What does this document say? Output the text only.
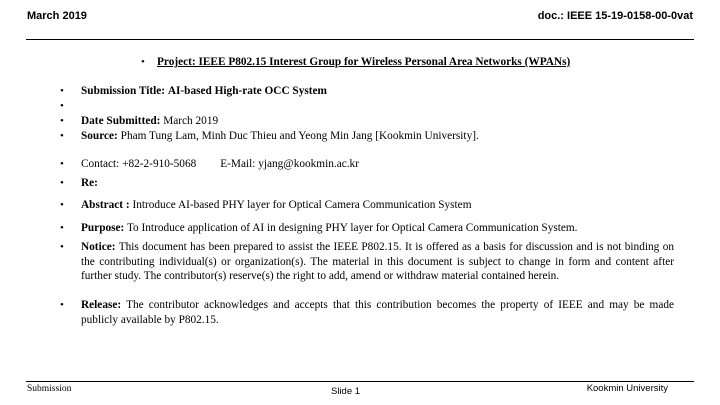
March 2019	doc.: IEEE 15-19-0158-00-0vat
• Project: IEEE P802.15 Interest Group for Wireless Personal Area Networks (WPANs)
• Submission Title: AI-based High-rate OCC System
•
• Date Submitted: March 2019
• Source: Pham Tung Lam, Minh Duc Thieu and Yeong Min Jang [Kookmin University].
• Contact: +82-2-910-5068 E-Mail: yjang@kookmin.ac.kr
• Re:
• Abstract : Introduce AI-based PHY layer for Optical Camera Communication System
• Purpose: To Introduce application of AI in designing PHY layer for Optical Camera Communication System.
• Notice: This document has been prepared to assist the IEEE P802.15. It is offered as a basis for discussion and is not binding on the contributing individual(s) or organization(s). The material in this document is subject to change in form and content after further study. The contributor(s) reserve(s) the right to add, amend or withdraw material contained herein.
• Release: The contributor acknowledges and accepts that this contribution becomes the property of IEEE and may be made publicly available by P802.15.
Submission	Slide 1	Kookmin University
